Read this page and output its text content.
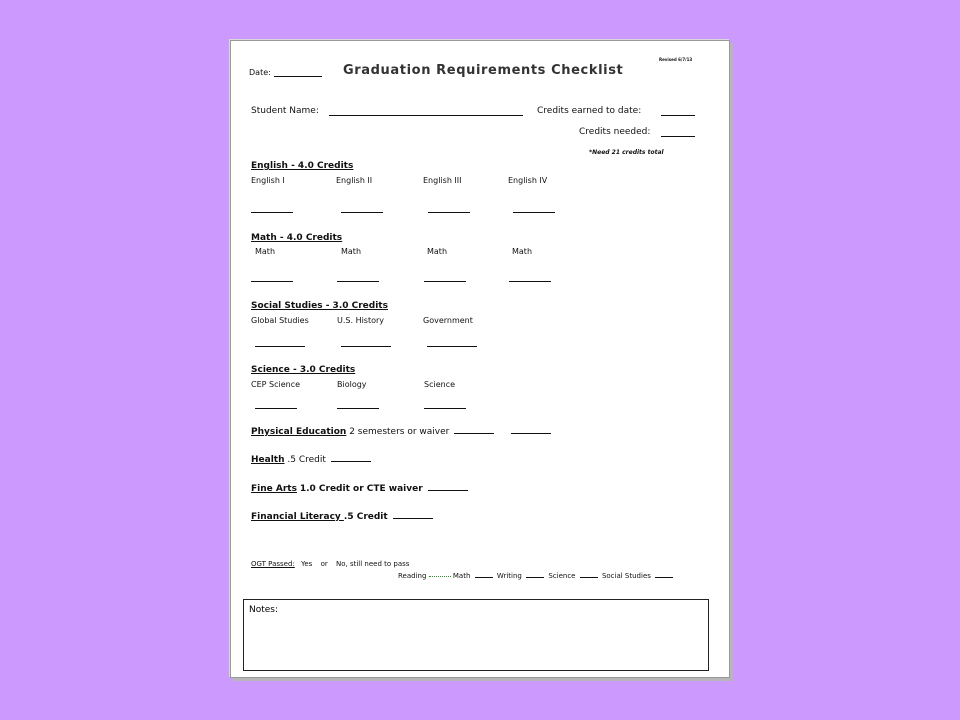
Revised 6/7/13
Date:	Graduation Requirements Checklist
Student Name:	Credits earned to date:
Credits needed:
*Need 21 credits total
English - 4.0 Credits
English I	English II	English III	English IV
Math - 4.0 Credits
Math	Math	Math	Math
Social Studies - 3.0 Credits
Global Studies	U.S. History	Government
Science - 3.0 Credits
CEP Science	Biology	Science
Physical Education 2 semesters or waiver
Health .5 Credit
Fine Arts 1.0 Credit or CTE waiver
Financial Literacy .5 Credit
OGT Passed: Yes or No, still need to pass
Reading	Math	Writing	Science	Social Studies
Notes:
